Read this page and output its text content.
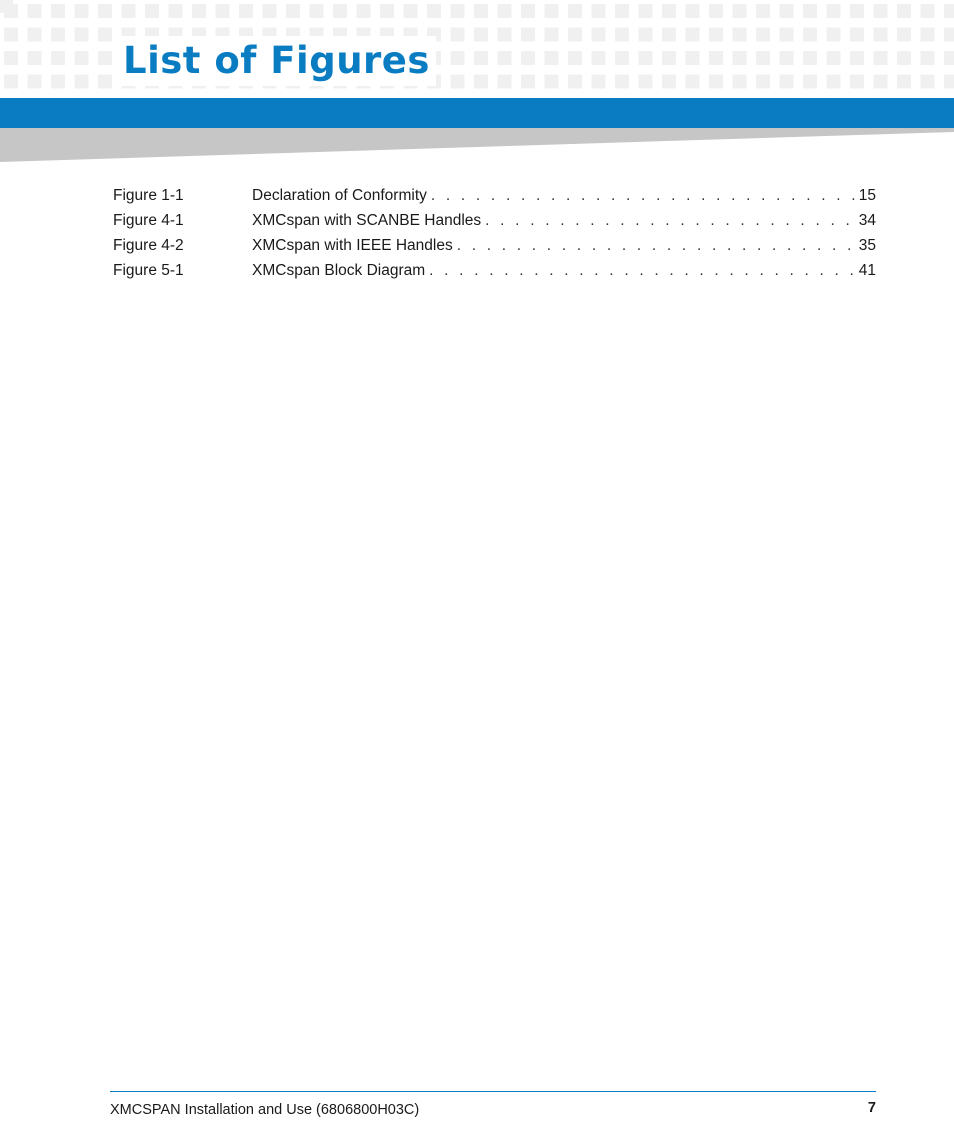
List of Figures
Figure 1-1	Declaration of Conformity . . .	15
Figure 4-1	XMCspan with SCANBE Handles . . .	34
Figure 4-2	XMCspan with IEEE Handles . . .	35
Figure 5-1	XMCspan Block Diagram . . .	41
XMCSPAN Installation and Use (6806800H03C)	7
